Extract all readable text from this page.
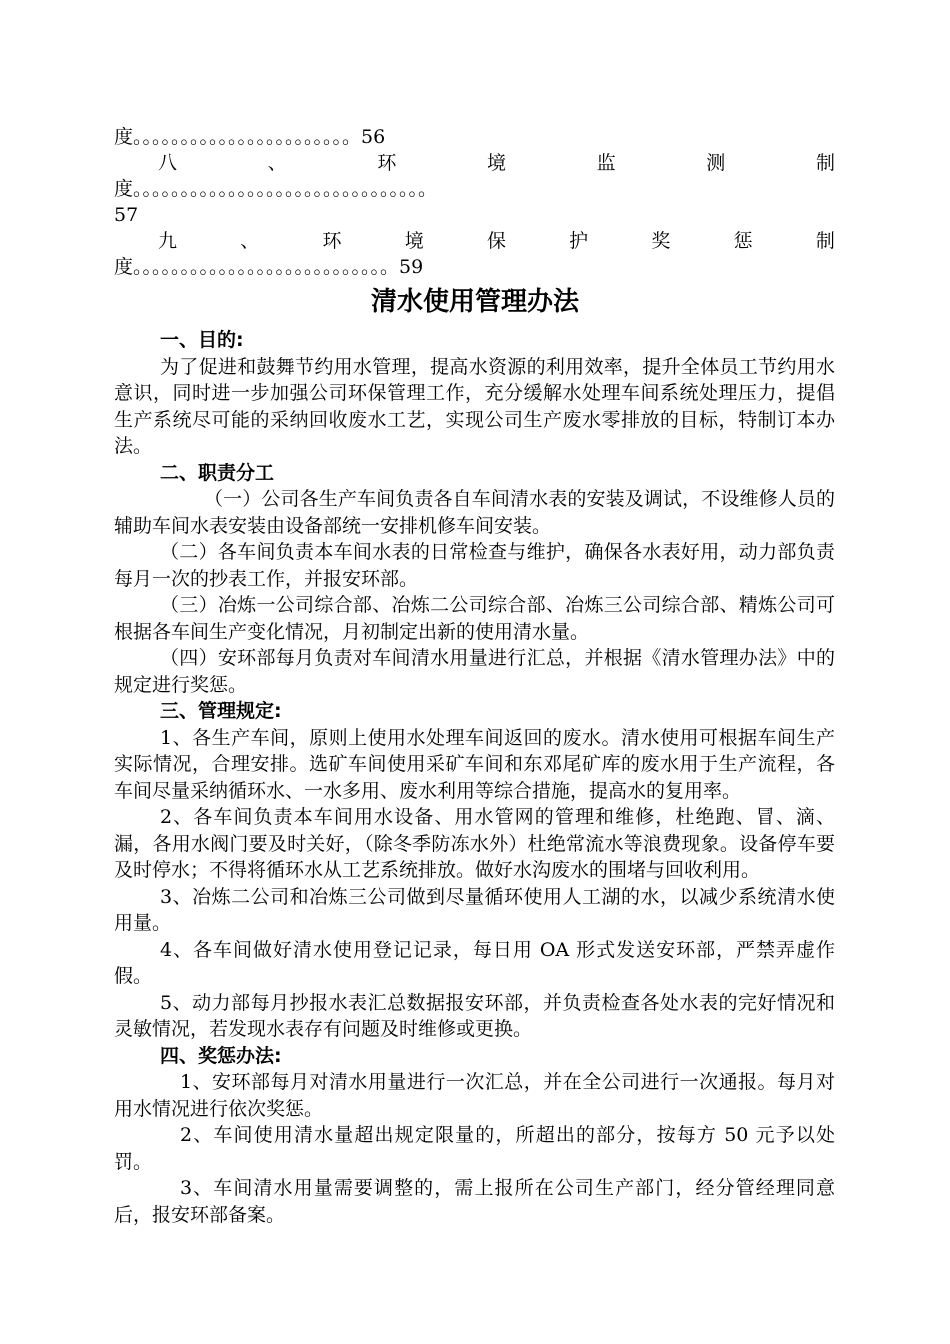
度。。。。。。。。。。。。。。。。。。。。。。。56
八	、	环	境	监	测	制
度。。。。。。。。。。。。。。。。。。。。。。。。。。。。。。。
57
九	、	环	境	保	护	奖	惩	制
度。。。。。。。。。。。。。。。。。。。。。。。。。。。59
清水使用管理办法

一、目的:

为了促进和鼓舞节约用水管理，提高水资源的利用效率，提升全体员工节约用水意识，同时进一步加强公司环保管理工作，充分缓解水处理车间系统处理压力，提倡生产系统尽可能的采纳回收废水工艺，实现公司生产废水零排放的目标，特制订本办法。

二、职责分工

（一）公司各生产车间负责各自车间清水表的安装及调试，不设维修人员的辅助车间水表安装由设备部统一安排机修车间安装。

（二）各车间负责本车间水表的日常检查与维护，确保各水表好用，动力部负责每月一次的抄表工作，并报安环部。

（三）冶炼一公司综合部、冶炼二公司综合部、冶炼三公司综合部、精炼公司可根据各车间生产变化情况，月初制定出新的使用清水量。

（四）安环部每月负责对车间清水用量进行汇总，并根据《清水管理办法》中的规定进行奖惩。

三、管理规定:

1、各生产车间，原则上使用水处理车间返回的废水。清水使用可根据车间生产实际情况，合理安排。选矿车间使用采矿车间和东邓尾矿库的废水用于生产流程，各车间尽量采纳循环水、一水多用、废水利用等综合措施，提高水的复用率。

2、各车间负责本车间用水设备、用水管网的管理和维修，杜绝跑、冒、滴、漏，各用水阀门要及时关好，（除冬季防冻水外）杜绝常流水等浪费现象。设备停车要及时停水；不得将循环水从工艺系统排放。做好水沟废水的围堵与回收利用。

3、冶炼二公司和冶炼三公司做到尽量循环使用人工湖的水，以减少系统清水使用量。

4、各车间做好清水使用登记记录，每日用 OA 形式发送安环部，严禁弄虚作假。

5、动力部每月抄报水表汇总数据报安环部，并负责检查各处水表的完好情况和灵敏情况，若发现水表存有问题及时维修或更换。

四、奖惩办法:

1、安环部每月对清水用量进行一次汇总，并在全公司进行一次通报。每月对用水情况进行依次奖惩。

2、车间使用清水量超出规定限量的，所超出的部分，按每方 50 元予以处罚。

3、车间清水用量需要调整的，需上报所在公司生产部门，经分管经理同意后，报安环部备案。
